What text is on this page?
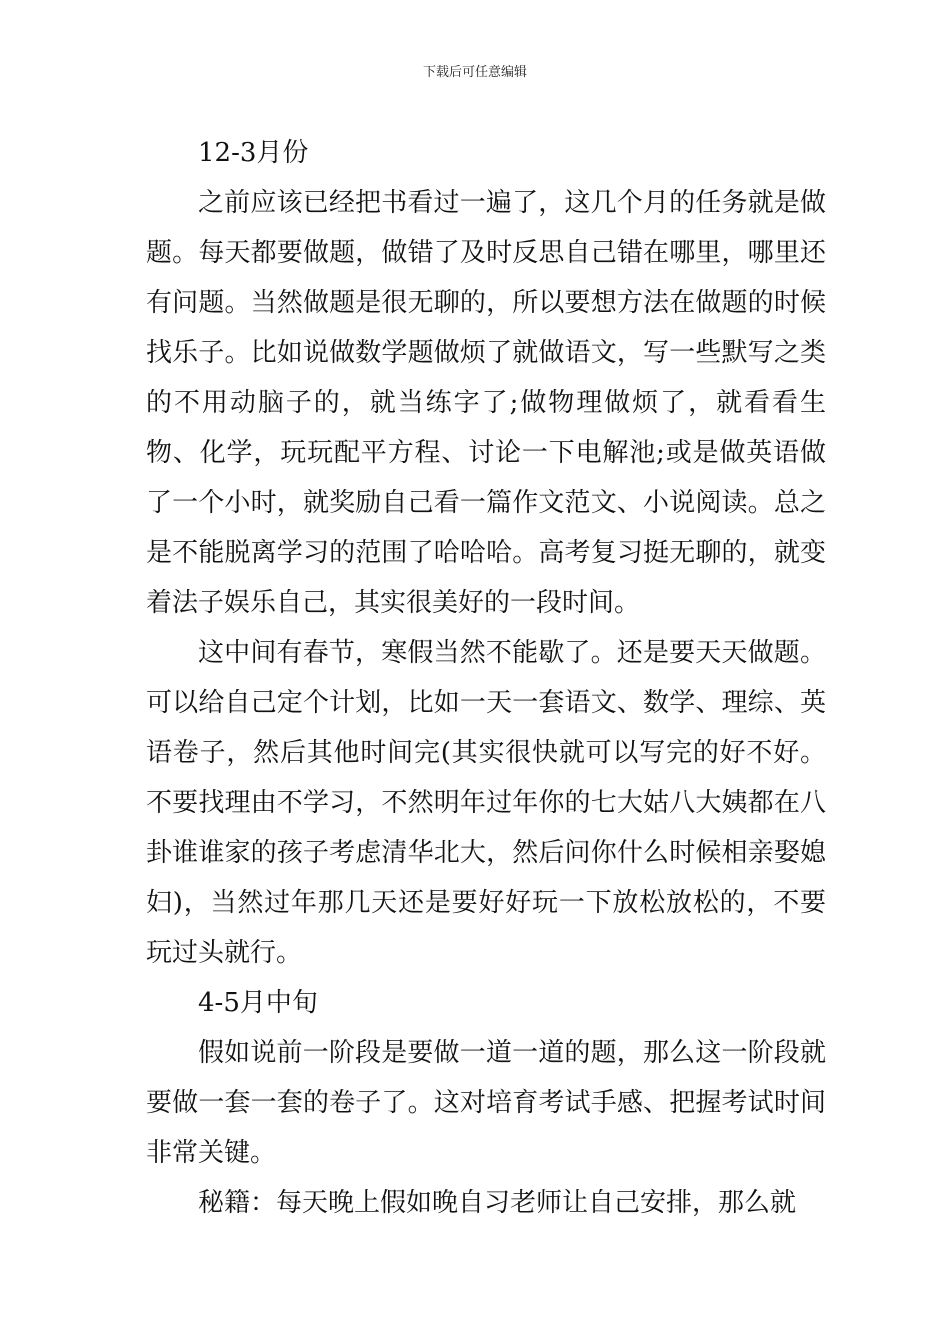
下载后可任意编辑

12-3月份

之前应该已经把书看过一遍了，这几个月的任务就是做题。每天都要做题，做错了及时反思自己错在哪里，哪里还有问题。当然做题是很无聊的，所以要想方法在做题的时候找乐子。比如说做数学题做烦了就做语文，写一些默写之类的不用动脑子的，就当练字了;做物理做烦了，就看看生物、化学，玩玩配平方程、讨论一下电解池;或是做英语做了一个小时，就奖励自己看一篇作文范文、小说阅读。总之是不能脱离学习的范围了哈哈哈。高考复习挺无聊的，就变着法子娱乐自己，其实很美好的一段时间。

这中间有春节，寒假当然不能歇了。还是要天天做题。可以给自己定个计划，比如一天一套语文、数学、理综、英语卷子，然后其他时间完(其实很快就可以写完的好不好。不要找理由不学习，不然明年过年你的七大姑八大姨都在八卦谁谁家的孩子考虑清华北大，然后问你什么时候相亲娶媳妇)，当然过年那几天还是要好好玩一下放松放松的，不要玩过头就行。

4-5月中旬

假如说前一阶段是要做一道一道的题，那么这一阶段就要做一套一套的卷子了。这对培育考试手感、把握考试时间非常关键。

秘籍：每天晚上假如晚自习老师让自己安排，那么就
